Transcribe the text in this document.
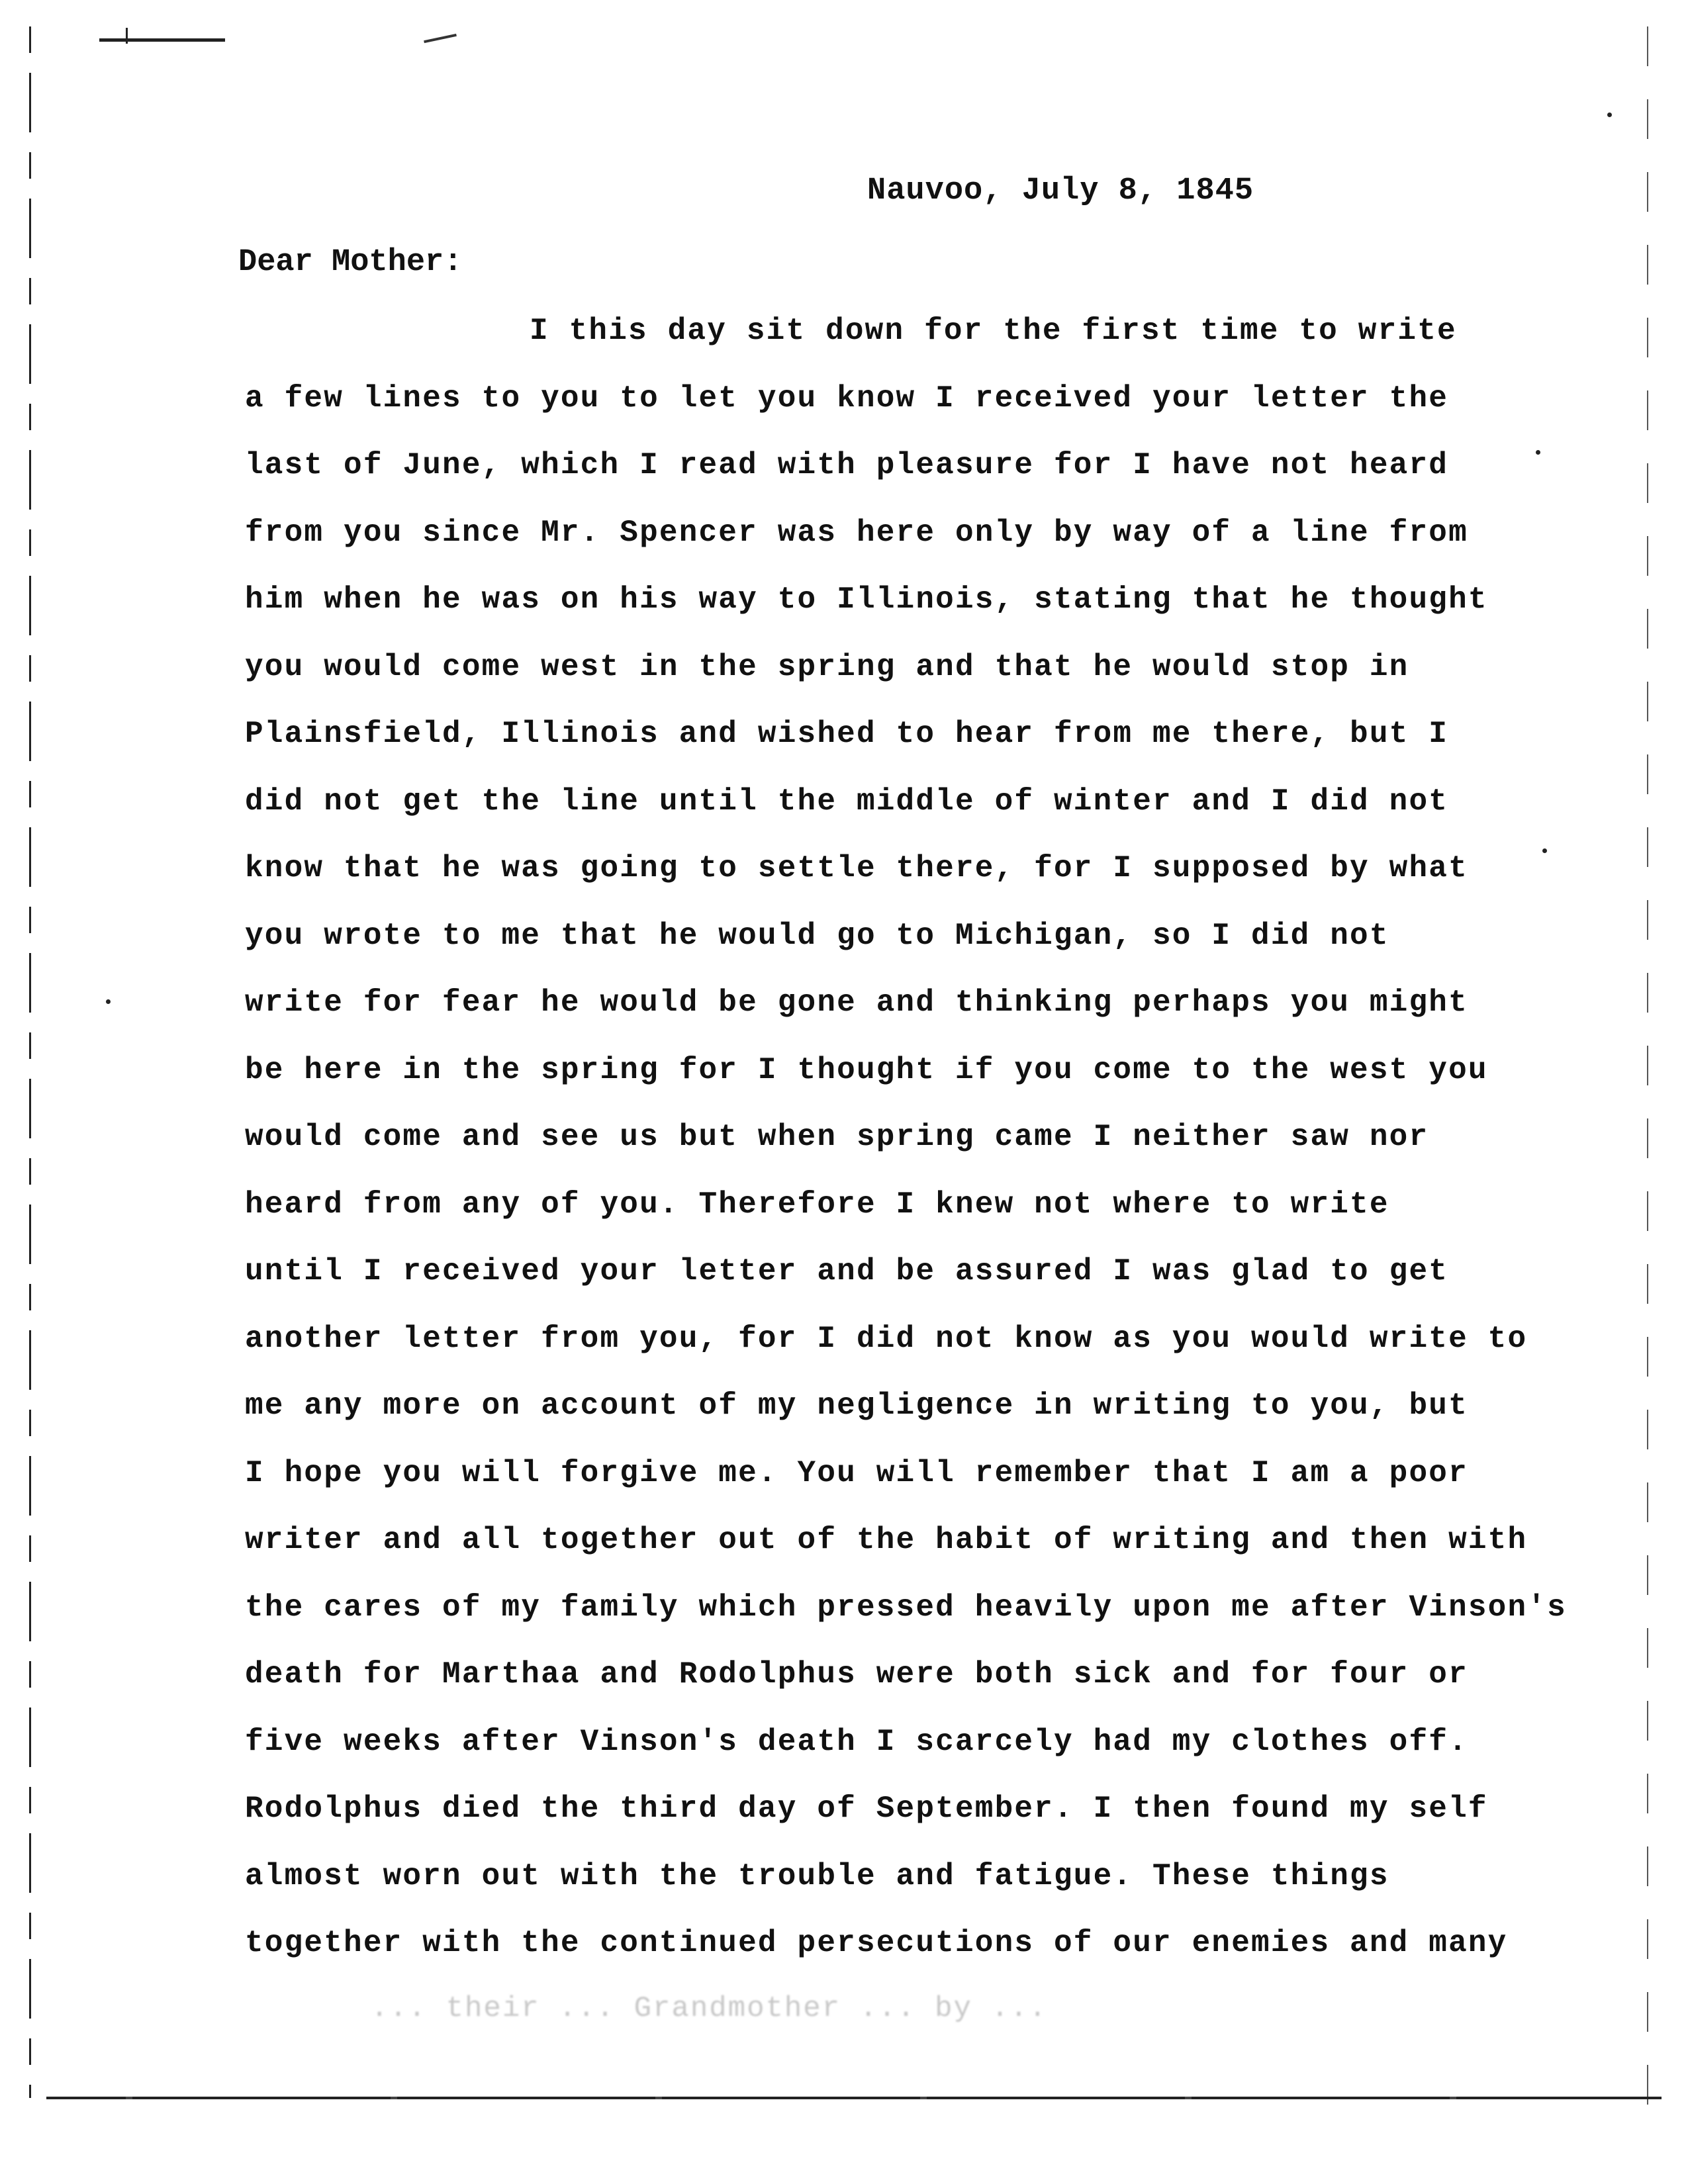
Nauvoo, July 8, 1845
Dear Mother:
I this day sit down for the first time to write
a few lines to you to let you know I received your letter the
last of June, which I read with pleasure for I have not heard
from you since Mr. Spencer was here only by way of a line from
him when he was on his way to Illinois, stating that he thought
you would come west in the spring and that he would stop in
Plainsfield, Illinois and wished to hear from me there, but I
did not get the line until the middle of winter and I did not
know that he was going to settle there, for I supposed by what
you wrote to me that he would go to Michigan, so I did not
write for fear he would be gone and thinking perhaps you might
be here in the spring for I thought if you come to the west you
would come and see us but when spring came I neither saw nor
heard from any of you. Therefore I knew not where to write
until I received your letter and be assured I was glad to get
another letter from you, for I did not know as you would write to
me any more on account of my negligence in writing to you, but
I hope you will forgive me. You will remember that I am a poor
writer and all together out of the habit of writing and then with
the cares of my family which pressed heavily upon me after Vinson's
death for Marthaa and Rodolphus were both sick and for four or
five weeks after Vinson's death I scarcely had my clothes off.
Rodolphus died the third day of September. I then found my self
almost worn out with the trouble and fatigue. These things
together with the continued persecutions of our enemies and many
... their ... Grandmother ... by ...
